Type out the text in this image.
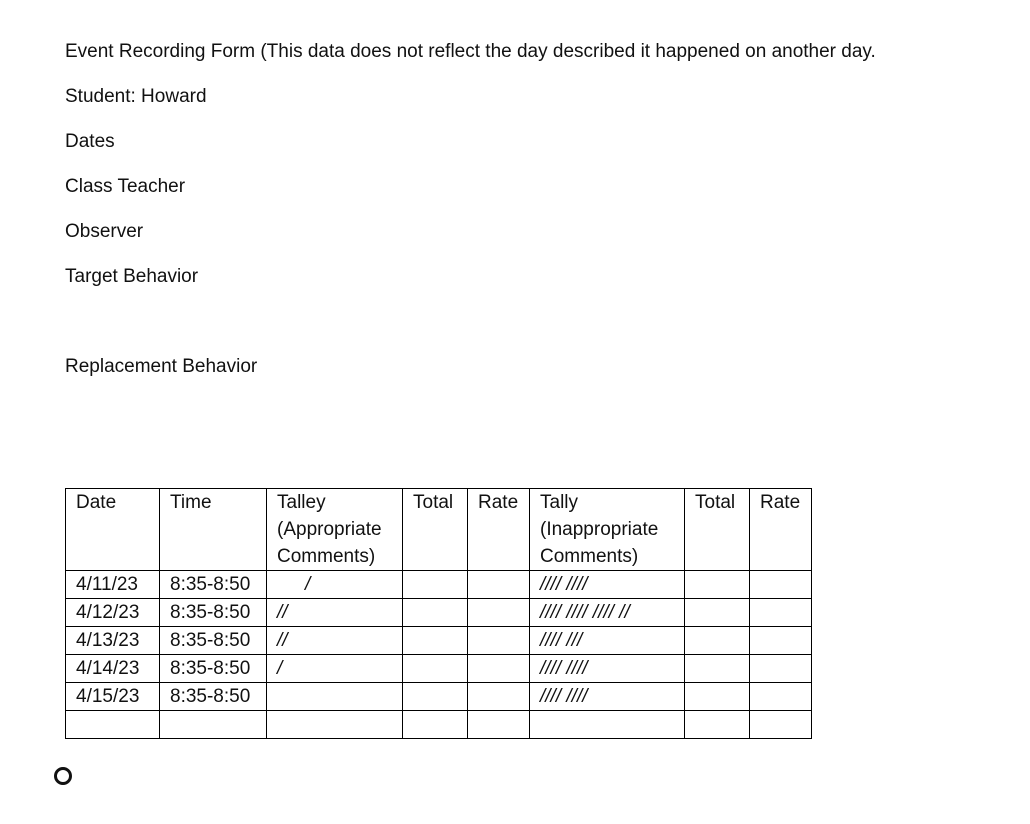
Event Recording Form (This data does not reflect the day described it happened on another day.
Student: Howard
Dates
Class Teacher
Observer
Target Behavior
Replacement Behavior
Date	Time	Talley (Appropriate Comments)	Total	Rate	Tally (Inappropriate Comments)	Total	Rate
4/11/23	8:35-8:50	/			//// ////		
4/12/23	8:35-8:50	//			//// //// //// //		
4/13/23	8:35-8:50	//			//// ///		
4/14/23	8:35-8:50	/			//// ////		
4/15/23	8:35-8:50				//// ////		
